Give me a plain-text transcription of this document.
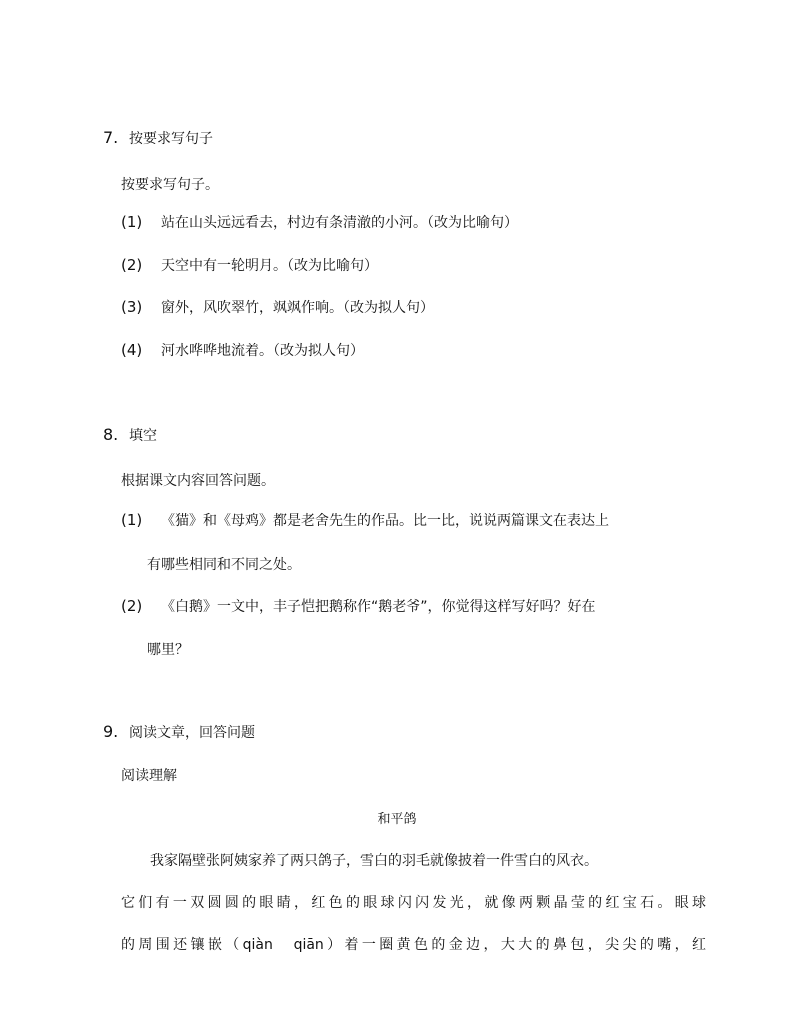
7. 按要求写句子
按要求写句子。
(1) 站在山头远远看去，村边有条清澈的小河。（改为比喻句）
(2) 天空中有一轮明月。（改为比喻句）
(3) 窗外，风吹翠竹，飒飒作响。（改为拟人句）
(4) 河水哗哗地流着。（改为拟人句）
8. 填空
根据课文内容回答问题。
(1) 《猫》和《母鸡》都是老舍先生的作品。比一比，说说两篇课文在表达上
有哪些相同和不同之处。
(2) 《白鹅》一文中，丰子恺把鹅称作“鹅老爷”，你觉得这样写好吗？好在
哪里？
9. 阅读文章，回答问题
阅读理解
和平鸽
我家隔壁张阿姨家养了两只鸽子，雪白的羽毛就像披着一件雪白的风衣。
它们有一双圆圆的眼睛，红色的眼球闪闪发光，就像两颗晶莹的红宝石。眼球
的周围还镶嵌（qiàn　qiān）着一圈黄色的金边，大大的鼻包，尖尖的嘴，红
